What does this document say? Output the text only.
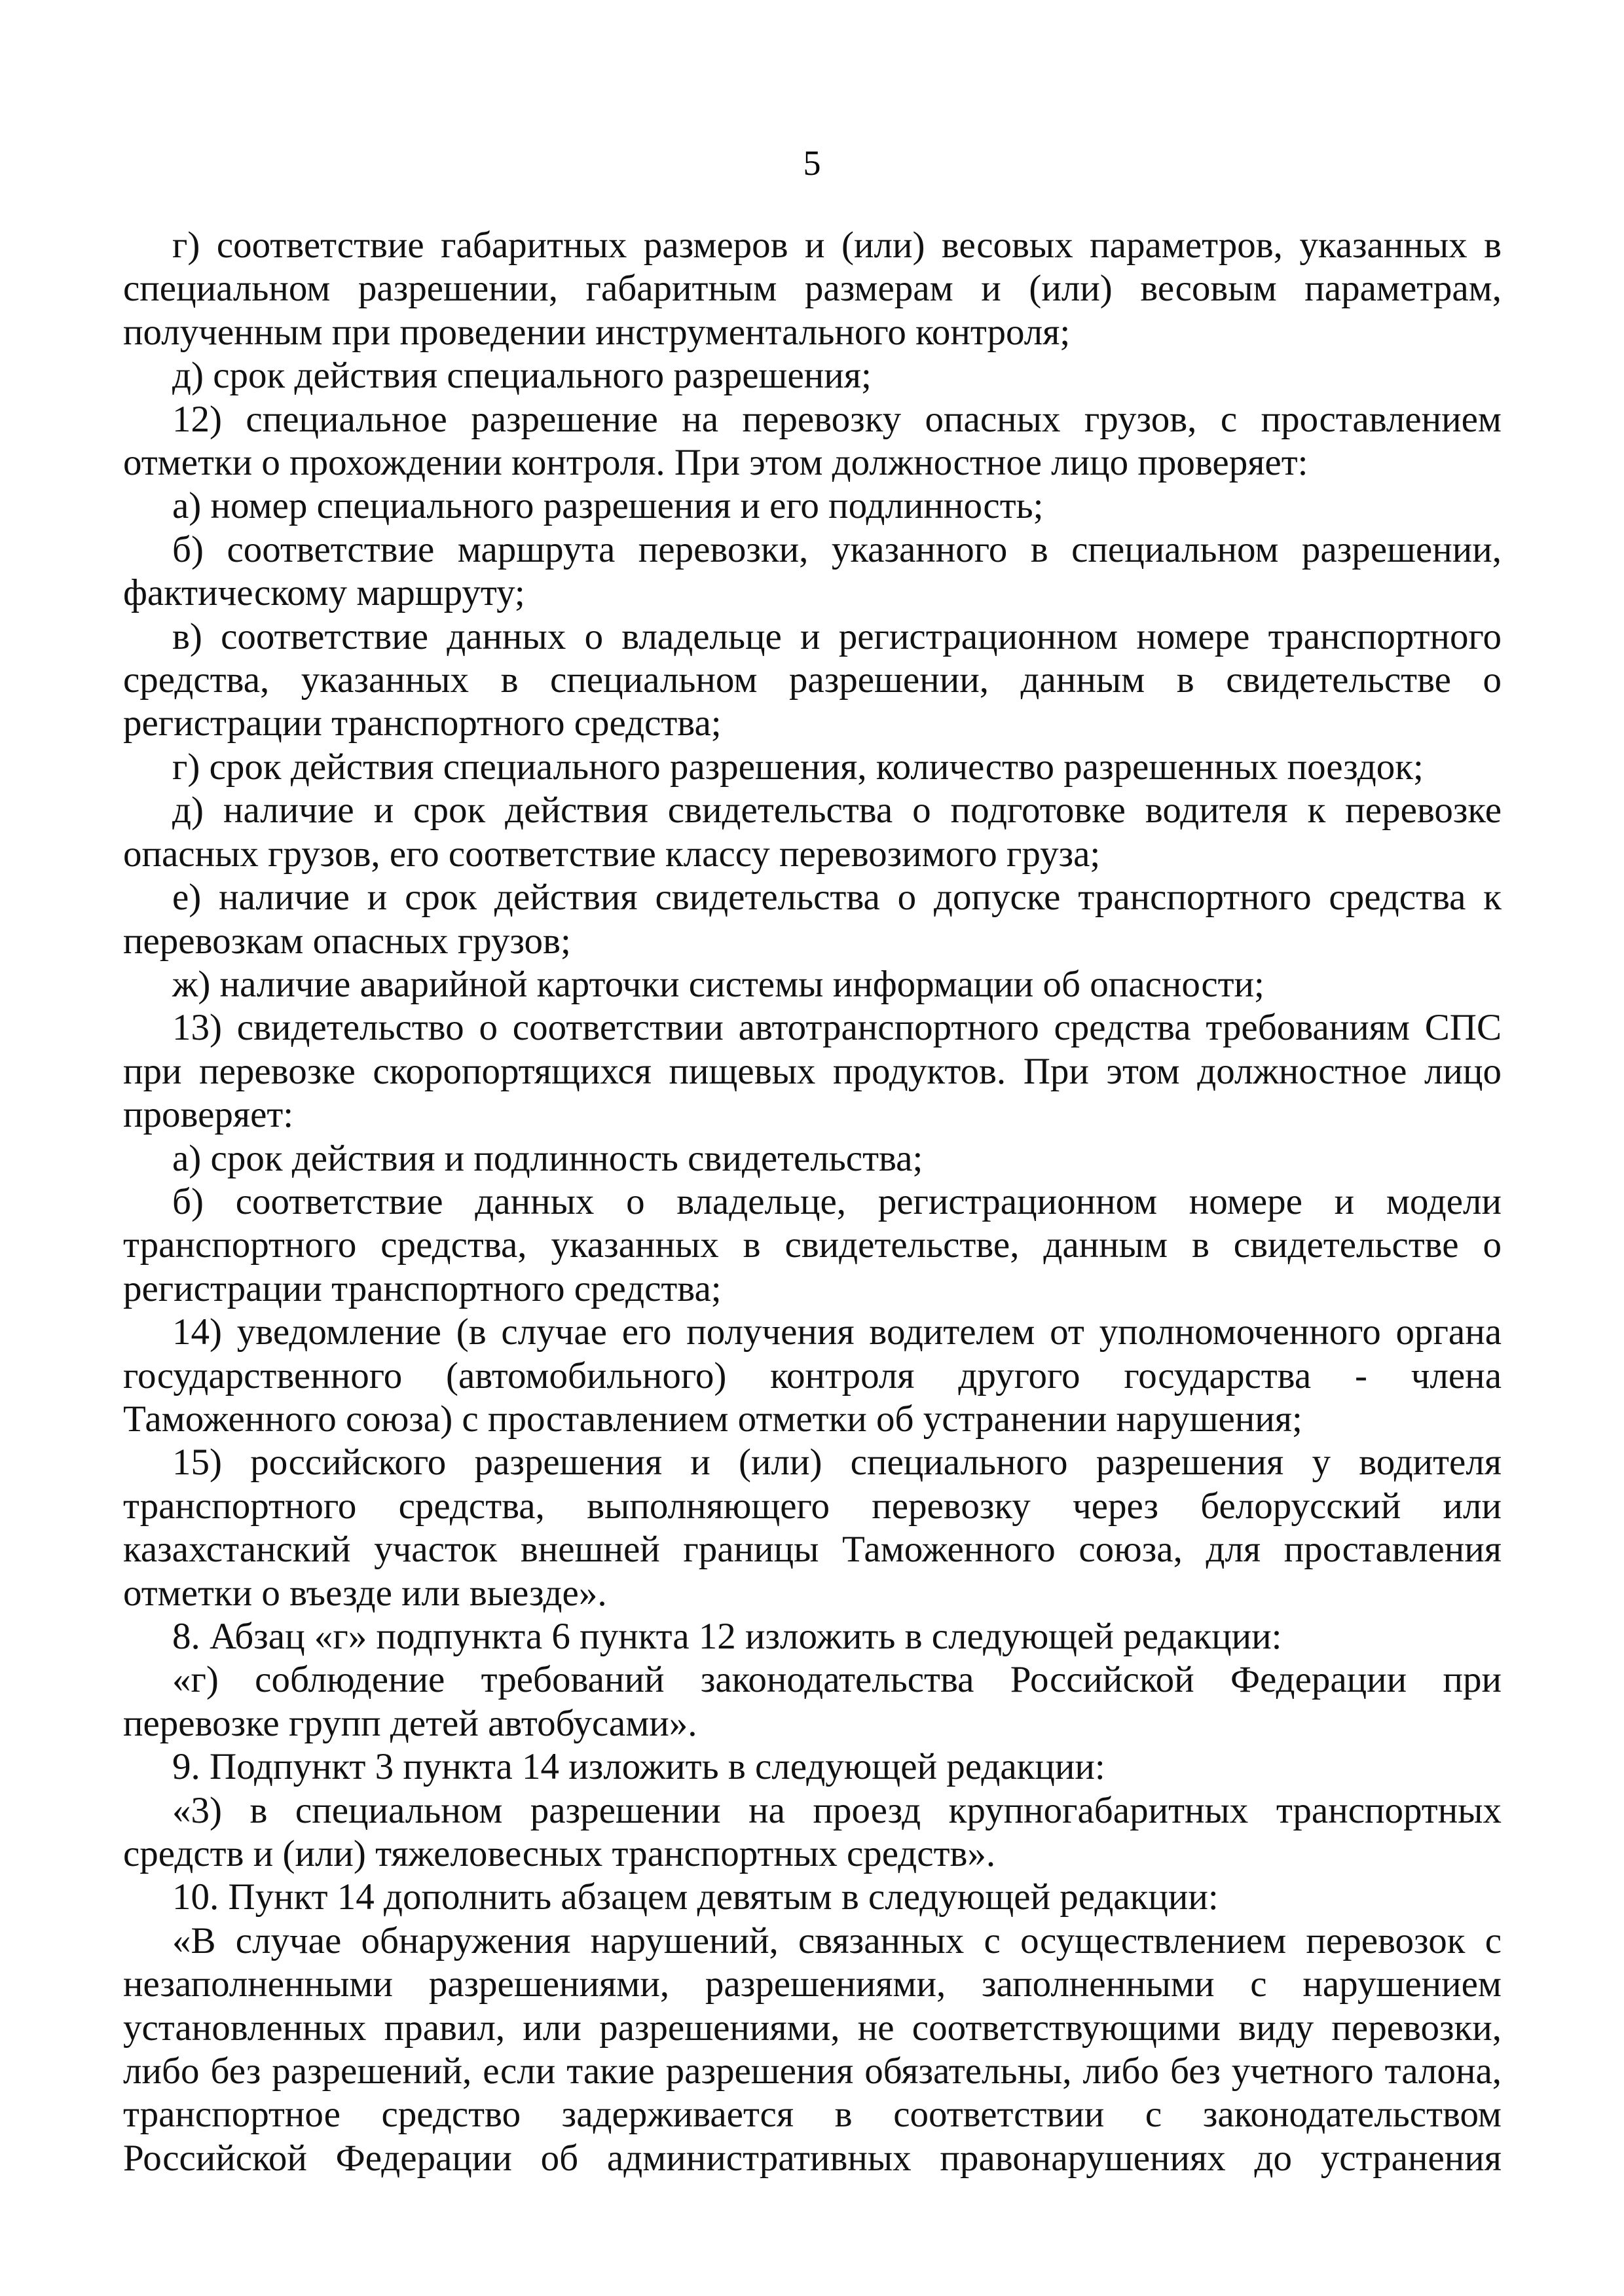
5

г) соответствие габаритных размеров и (или) весовых параметров, указанных в специальном разрешении, габаритным размерам и (или) весовым параметрам, полученным при проведении инструментального контроля;

д) срок действия специального разрешения;

12) специальное разрешение на перевозку опасных грузов, с проставлением отметки о прохождении контроля. При этом должностное лицо проверяет:

а) номер специального разрешения и его подлинность;

б) соответствие маршрута перевозки, указанного в специальном разрешении, фактическому маршруту;

в) соответствие данных о владельце и регистрационном номере транспортного средства, указанных в специальном разрешении, данным в свидетельстве о регистрации транспортного средства;

г) срок действия специального разрешения, количество разрешенных поездок;

д) наличие и срок действия свидетельства о подготовке водителя к перевозке опасных грузов, его соответствие классу перевозимого груза;

е) наличие и срок действия свидетельства о допуске транспортного средства к перевозкам опасных грузов;

ж) наличие аварийной карточки системы информации об опасности;

13) свидетельство о соответствии автотранспортного средства требованиям СПС при перевозке скоропортящихся пищевых продуктов. При этом должностное лицо проверяет:

а) срок действия и подлинность свидетельства;

б) соответствие данных о владельце, регистрационном номере и модели транспортного средства, указанных в свидетельстве, данным в свидетельстве о регистрации транспортного средства;

14) уведомление (в случае его получения водителем от уполномоченного органа государственного (автомобильного) контроля другого государства - члена Таможенного союза) с проставлением отметки об устранении нарушения;

15) российского разрешения и (или) специального разрешения у водителя транспортного средства, выполняющего перевозку через белорусский или казахстанский участок внешней границы Таможенного союза, для проставления отметки о въезде или выезде».

8. Абзац «г» подпункта 6 пункта 12 изложить в следующей редакции:

«г) соблюдение требований законодательства Российской Федерации при перевозке групп детей автобусами».

9. Подпункт 3 пункта 14 изложить в следующей редакции:

«3) в специальном разрешении на проезд крупногабаритных транспортных средств и (или) тяжеловесных транспортных средств».

10. Пункт 14 дополнить абзацем девятым в следующей редакции:

«В случае обнаружения нарушений, связанных с осуществлением перевозок с незаполненными разрешениями, разрешениями, заполненными с нарушением установленных правил, или разрешениями, не соответствующими виду перевозки, либо без разрешений, если такие разрешения обязательны, либо без учетного талона, транспортное средство задерживается в соответствии с законодательством Российской Федерации об административных правонарушениях до устранения
